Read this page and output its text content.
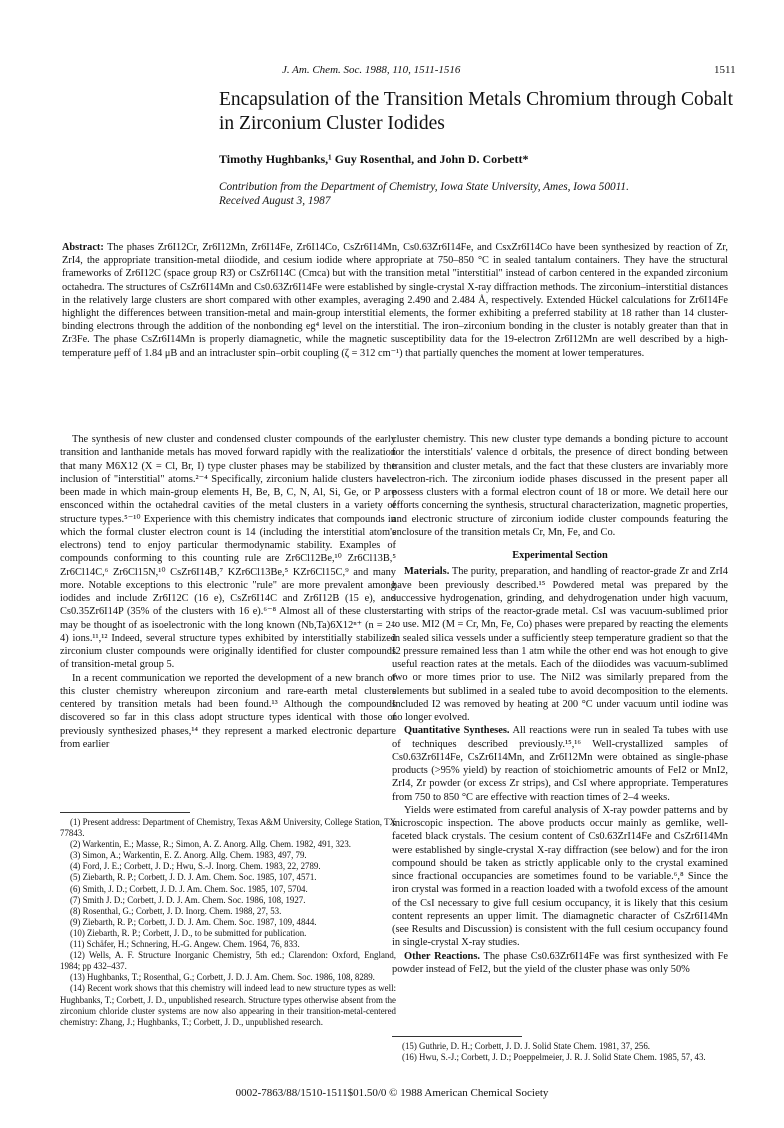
J. Am. Chem. Soc. 1988, 110, 1511-1516	1511
Encapsulation of the Transition Metals Chromium through Cobalt in Zirconium Cluster Iodides
Timothy Hughbanks,¹ Guy Rosenthal, and John D. Corbett*
Contribution from the Department of Chemistry, Iowa State University, Ames, Iowa 50011.
Received August 3, 1987
Abstract: The phases Zr6I12Cr, Zr6I12Mn, Zr6I14Fe, Zr6I14Co, CsZr6I14Mn, Cs0.63Zr6I14Fe, and CsxZr6I14Co have been synthesized by reaction of Zr, ZrI4, the appropriate transition-metal diiodide, and cesium iodide where appropriate at 750–850 °C in sealed tantalum containers. They have the structural frameworks of Zr6I12C (space group R3̄) or CsZr6I14C (Cmca) but with the transition metal "interstitial" instead of carbon centered in the expanded zirconium octahedra. The structures of CsZr6I14Mn and Cs0.63Zr6I14Fe were established by single-crystal X-ray diffraction methods. The zirconium–interstitial distances in the relatively large clusters are short compared with other examples, averaging 2.490 and 2.484 Å, respectively. Extended Hückel calculations for Zr6I14Fe highlight the differences between transition-metal and main-group interstitial elements, the former exhibiting a preferred stability at 18 rather than 14 cluster-binding electrons through the addition of the nonbonding eg⁴ level on the interstitial. The iron–zirconium bonding in the cluster is notably greater than that in Zr3Fe. The phase CsZr6I14Mn is properly diamagnetic, while the magnetic susceptibility data for the 19-electron Zr6I12Mn are well described by a high-temperature μeff of 1.84 μB and an intracluster spin–orbit coupling (ζ = 312 cm⁻¹) that partially quenches the moment at lower temperatures.

The synthesis of new cluster and condensed cluster compounds of the early transition and lanthanide metals has moved forward rapidly with the realization that many M6X12 (X = Cl, Br, I) type cluster phases may be stabilized by the inclusion of "interstitial" atoms.²⁻⁴ Specifically, zirconium halide clusters have been made in which main-group elements H, Be, B, C, N, Al, Si, Ge, or P are ensconced within the octahedral cavities of the metal clusters in a variety of structure types.⁵⁻¹⁰ Experience with this chemistry indicates that compounds in which the formal cluster electron count is 14 (including the interstitial atom's electrons) tend to enjoy particular thermodynamic stability. Examples of compounds conforming to this counting rule are Zr6Cl12Be,¹⁰ Zr6Cl13B,⁵ Zr6Cl14C,⁶ Zr6Cl15N,¹⁰ CsZr6I14B,⁷ KZr6Cl13Be,⁵ KZr6Cl15C,⁹ and many more. Notable exceptions to this electronic "rule" are more prevalent among iodides and include Zr6I12C (16 e), CsZr6I14C and Zr6I12B (15 e), and Cs0.35Zr6I14P (35% of the clusters with 16 e).⁶⁻⁸ Almost all of these clusters may be thought of as isoelectronic with the long known (Nb,Ta)6X12ⁿ⁺ (n = 2–4) ions.¹¹,¹² Indeed, several structure types exhibited by interstitially stabilized zirconium cluster compounds were originally identified for cluster compounds of transition-metal group 5.

In a recent communication we reported the development of a new branch of this cluster chemistry whereupon zirconium and rare-earth metal clusters centered by transition metals had been found.¹³ Although the compounds discovered so far in this class adopt structure types identical with those of previously synthesized phases,¹⁴ they represent a marked electronic departure from earlier

(1) Present address: Department of Chemistry, Texas A&M University, College Station, TX 77843.
(2) Warkentin, E.; Masse, R.; Simon, A. Z. Anorg. Allg. Chem. 1982, 491, 323.
(3) Simon, A.; Warkentin, E. Z. Anorg. Allg. Chem. 1983, 497, 79.
(4) Ford, J. E.; Corbett, J. D.; Hwu, S.-J. Inorg. Chem. 1983, 22, 2789.
(5) Ziebarth, R. P.; Corbett, J. D. J. Am. Chem. Soc. 1985, 107, 4571.
(6) Smith, J. D.; Corbett, J. D. J. Am. Chem. Soc. 1985, 107, 5704.
(7) Smith J. D.; Corbett, J. D. J. Am. Chem. Soc. 1986, 108, 1927.
(8) Rosenthal, G.; Corbett, J. D. Inorg. Chem. 1988, 27, 53.
(9) Ziebarth, R. P.; Corbett, J. D. J. Am. Chem. Soc. 1987, 109, 4844.
(10) Ziebarth, R. P.; Corbett, J. D., to be submitted for publication.
(11) Schäfer, H.; Schnering, H.-G. Angew. Chem. 1964, 76, 833.
(12) Wells, A. F. Structure Inorganic Chemistry, 5th ed.; Clarendon: Oxford, England, 1984; pp 432–437.
(13) Hughbanks, T.; Rosenthal, G.; Corbett, J. D. J. Am. Chem. Soc. 1986, 108, 8289.
(14) Recent work shows that this chemistry will indeed lead to new structure types as well: Hughbanks, T.; Corbett, J. D., unpublished research. Structure types otherwise absent from the zirconium chloride cluster systems are now also appearing in their transition-metal-centered chemistry: Zhang, J.; Hughbanks, T.; Corbett, J. D., unpublished research.

cluster chemistry. This new cluster type demands a bonding picture to account for the interstitials' valence d orbitals, the presence of direct bonding between transition and cluster metals, and the fact that these clusters are invariably more electron-rich. The zirconium iodide phases discussed in the present paper all possess clusters with a formal electron count of 18 or more. We detail here our efforts concerning the synthesis, structural characterization, magnetic properties, and electronic structure of zirconium iodide cluster compounds featuring the enclosure of the transition metals Cr, Mn, Fe, and Co.

Experimental Section

Materials. The purity, preparation, and handling of reactor-grade Zr and ZrI4 have been previously described.¹⁵ Powdered metal was prepared by the successive hydrogenation, grinding, and dehydrogenation under high vacuum, starting with strips of the reactor-grade metal. CsI was vacuum-sublimed prior to use. MI2 (M = Cr, Mn, Fe, Co) phases were prepared by reacting the elements in sealed silica vessels under a sufficiently steep temperature gradient so that the I2 pressure remained less than 1 atm while the other end was hot enough to give useful reaction rates at the metals. Each of the diiodides was vacuum-sublimed two or more times prior to use. The NiI2 was similarly prepared from the elements but sublimed in a sealed tube to avoid decomposition to the elements. Included I2 was removed by heating at 200 °C under vacuum until iodine was no longer evolved.

Quantitative Syntheses. All reactions were run in sealed Ta tubes with use of techniques described previously.¹⁵,¹⁶ Well-crystallized samples of Cs0.63Zr6I14Fe, CsZr6I14Mn, and Zr6I12Mn were obtained as single-phase products (>95% yield) by reaction of stoichiometric amounts of FeI2 or MnI2, ZrI4, Zr powder (or excess Zr strips), and CsI where appropriate. Temperatures from 750 to 850 °C are effective with reaction times of 2–4 weeks.

Yields were estimated from careful analysis of X-ray powder patterns and by microscopic inspection. The above products occur mainly as gemlike, well-faceted black crystals. The cesium content of Cs0.63ZrI14Fe and CsZr6I14Mn were established by single-crystal X-ray diffraction (see below) and for the iron compound should be taken as strictly applicable only to the crystal examined since fractional occupancies are sometimes found to be variable.⁶,⁸ Since the iron crystal was formed in a reaction loaded with a twofold excess of the amount of the CsI necessary to give full cesium occupancy, it is likely that this cesium content represents an upper limit. The diamagnetic character of CsZr6I14Mn (see Results and Discussion) is consistent with the full cesium occupancy found in single-crystal X-ray studies.

Other Reactions. The phase Cs0.63Zr6I14Fe was first synthesized with Fe powder instead of FeI2, but the yield of the cluster phase was only 50%

(15) Guthrie, D. H.; Corbett, J. D. J. Solid State Chem. 1981, 37, 256.
(16) Hwu, S.-J.; Corbett, J. D.; Poeppelmeier, J. R. J. Solid State Chem. 1985, 57, 43.
0002-7863/88/1510-1511$01.50/0 © 1988 American Chemical Society
